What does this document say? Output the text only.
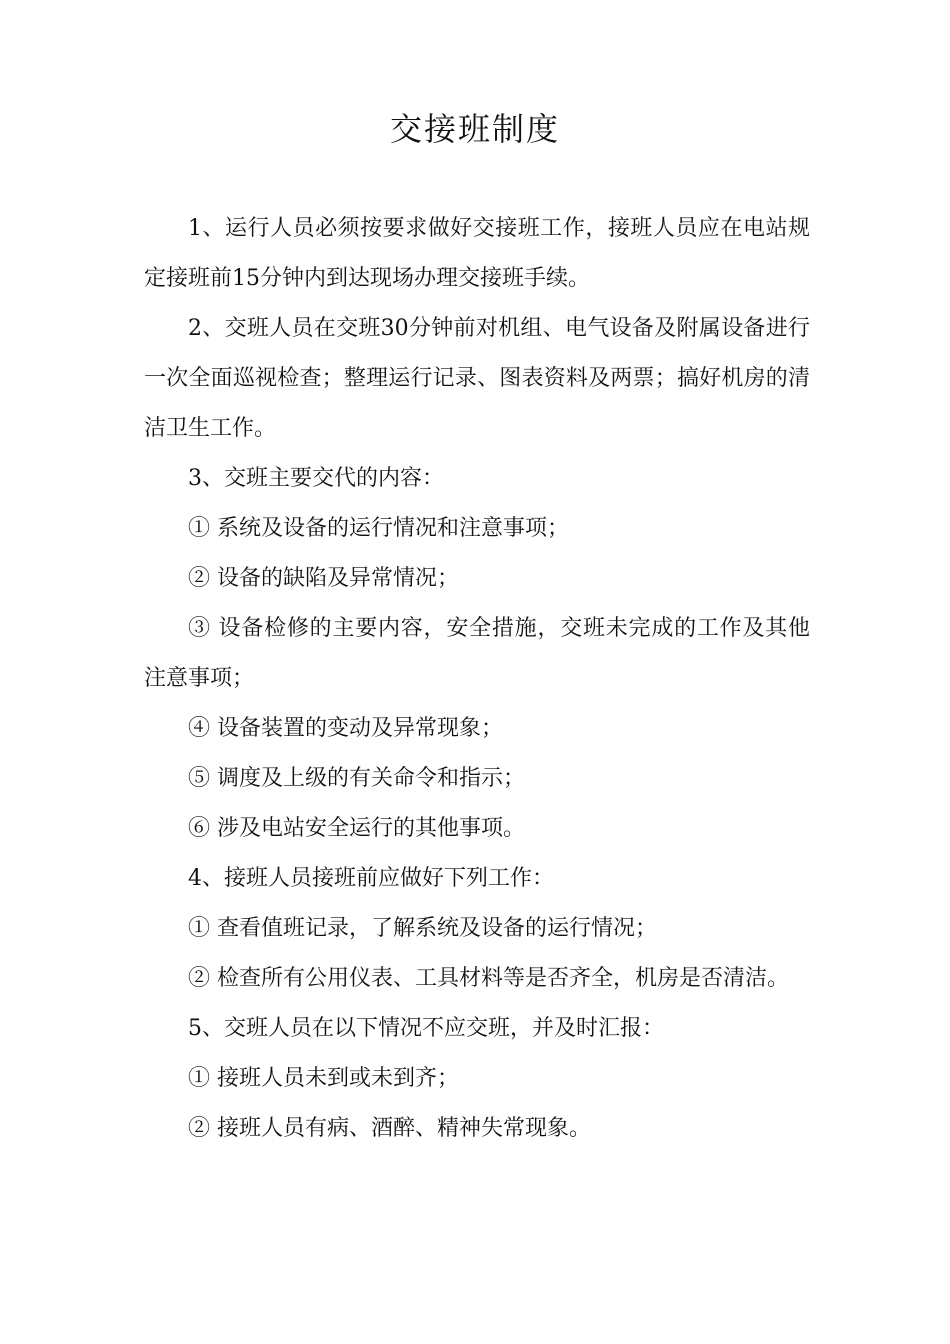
交接班制度

1、运行人员必须按要求做好交接班工作，接班人员应在电站规定接班前15分钟内到达现场办理交接班手续。

2、交班人员在交班30分钟前对机组、电气设备及附属设备进行一次全面巡视检查；整理运行记录、图表资料及两票；搞好机房的清洁卫生工作。

3、交班主要交代的内容：

① 系统及设备的运行情况和注意事项；

② 设备的缺陷及异常情况；

③ 设备检修的主要内容，安全措施，交班未完成的工作及其他注意事项；

④ 设备装置的变动及异常现象；

⑤ 调度及上级的有关命令和指示；

⑥ 涉及电站安全运行的其他事项。

4、接班人员接班前应做好下列工作：

① 查看值班记录，了解系统及设备的运行情况；

② 检查所有公用仪表、工具材料等是否齐全，机房是否清洁。

5、交班人员在以下情况不应交班，并及时汇报：

① 接班人员未到或未到齐；

② 接班人员有病、酒醉、精神失常现象。
